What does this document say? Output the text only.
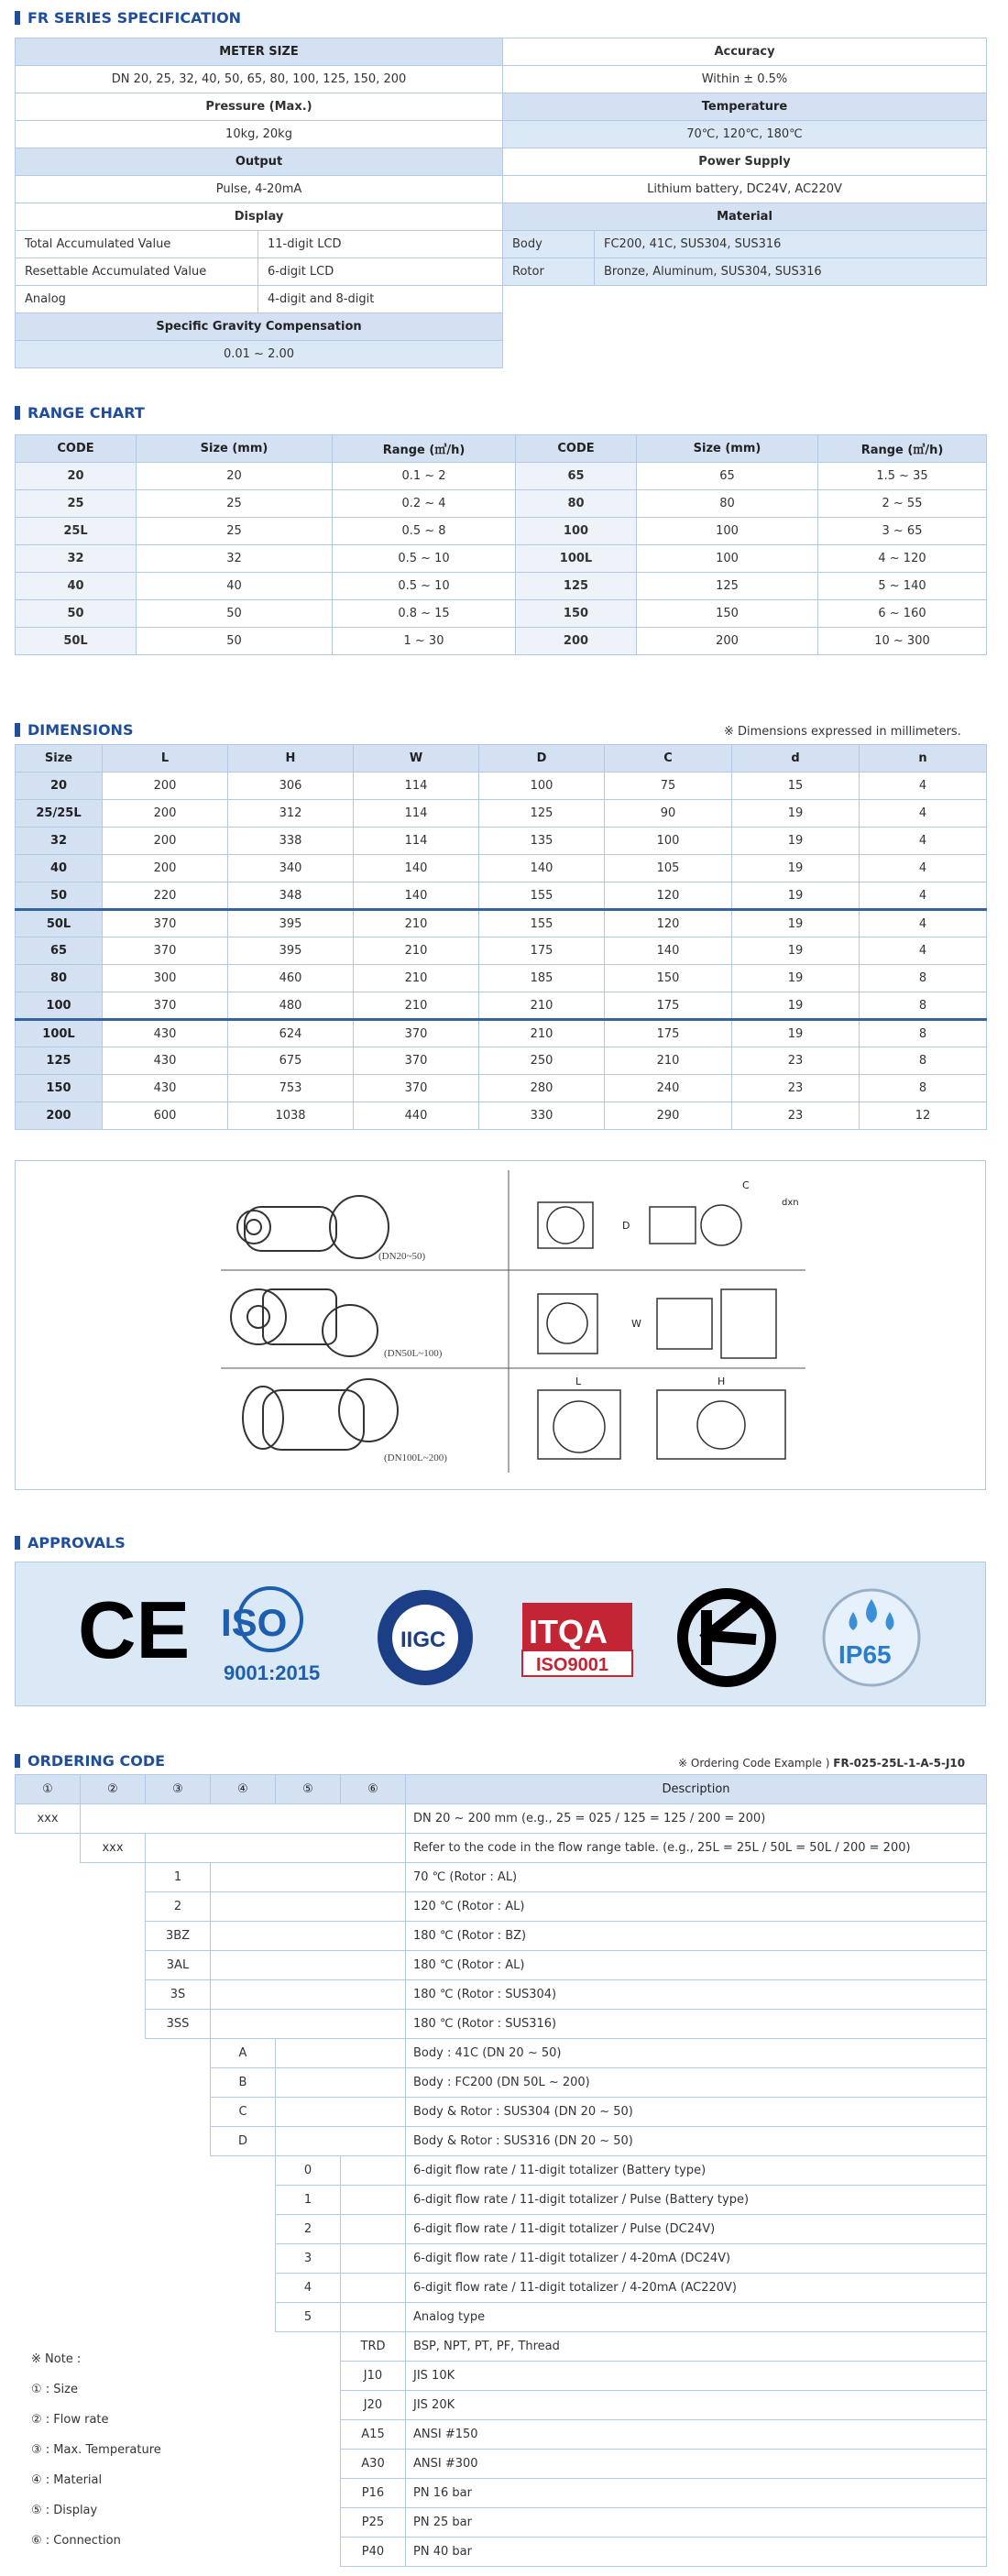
FR SERIES SPECIFICATION
METER SIZE	
DN 20, 25, 32, 40, 50, 65, 80, 100, 125, 150, 200	
Pressure (Max.)	
10kg, 20kg	
Output	
Pulse, 4-20mA	
Display	
Total Accumulated Value	11-digit LCD
Resettable Accumulated Value	6-digit LCD
Analog	4-digit and 8-digit
Specific Gravity Compensation	
0.01 ~ 2.00	
Accuracy	
Within ± 0.5%	
Temperature	
70℃, 120℃, 180℃	
Power Supply	
Lithium battery, DC24V, AC220V	
Material	
Body	FC200, 41C, SUS304, SUS316
Rotor	Bronze, Aluminum, SUS304, SUS316
RANGE CHART
CODE	Size (mm)	Range (㎥/h)	CODE	Size (mm)	Range (㎥/h)
20	20	0.1 ~ 2	65	65	1.5 ~ 35
25	25	0.2 ~ 4	80	80	2 ~ 55
25L	25	0.5 ~ 8	100	100	3 ~ 65
32	32	0.5 ~ 10	100L	100	4 ~ 120
40	40	0.5 ~ 10	125	125	5 ~ 140
50	50	0.8 ~ 15	150	150	6 ~ 160
50L	50	1 ~ 30	200	200	10 ~ 300
DIMENSIONS	※ Dimensions expressed in millimeters.
Size	L	H	W	D	C	d	n
20	200	306	114	100	75	15	4
25/25L	200	312	114	125	90	19	4
32	200	338	114	135	100	19	4
40	200	340	140	140	105	19	4
50	220	348	140	155	120	19	4
50L	370	395	210	155	120	19	4
65	370	395	210	175	140	19	4
80	300	460	210	185	150	19	8
100	370	480	210	210	175	19	8
100L	430	624	370	210	175	19	8
125	430	675	370	250	210	23	8
150	430	753	370	280	240	23	8
200	600	1038	440	330	290	23	12
(DN20~50)
(DN50L~100)
(DN100L~200)
C
dxn
D
W
L	H
APPROVALS
CE ISO
9001:2015
IIGC	ITQA
ISO9001	IP65
ORDERING CODE	※ Ordering Code Example ) FR-025-25L-1-A-5-J10
①	②	③	④	⑤	⑥	Description
xxx						DN 20 ~ 200 mm (e.g., 25 = 025 / 125 = 125 / 200 = 200)
	xxx					Refer to the code in the flow range table. (e.g., 25L = 25L / 50L = 50L / 200 = 200)
		1				70 ℃ (Rotor : AL)
		2				120 ℃ (Rotor : AL)
		3BZ				180 ℃ (Rotor : BZ)
		3AL				180 ℃ (Rotor : AL)
		3S				180 ℃ (Rotor : SUS304)
		3SS				180 ℃ (Rotor : SUS316)
			A			Body : 41C (DN 20 ~ 50)
			B			Body : FC200 (DN 50L ~ 200)
			C			Body & Rotor : SUS304 (DN 20 ~ 50)
			D			Body & Rotor : SUS316 (DN 20 ~ 50)
				0		6-digit flow rate / 11-digit totalizer (Battery type)
				1		6-digit flow rate / 11-digit totalizer / Pulse (Battery type)
				2		6-digit flow rate / 11-digit totalizer / Pulse (DC24V)
				3		6-digit flow rate / 11-digit totalizer / 4-20mA (DC24V)
				4		6-digit flow rate / 11-digit totalizer / 4-20mA (AC220V)
				5		Analog type
					TRD	BSP, NPT, PT, PF, Thread
					J10	JIS 10K
					J20	JIS 20K
					A15	ANSI #150
					A30	ANSI #300
					P16	PN 16 bar
					P25	PN 25 bar
					P40	PN 40 bar
※ Note :
① : Size
② : Flow rate
③ : Max. Temperature
④ : Material
⑤ : Display
⑥ : Connection
